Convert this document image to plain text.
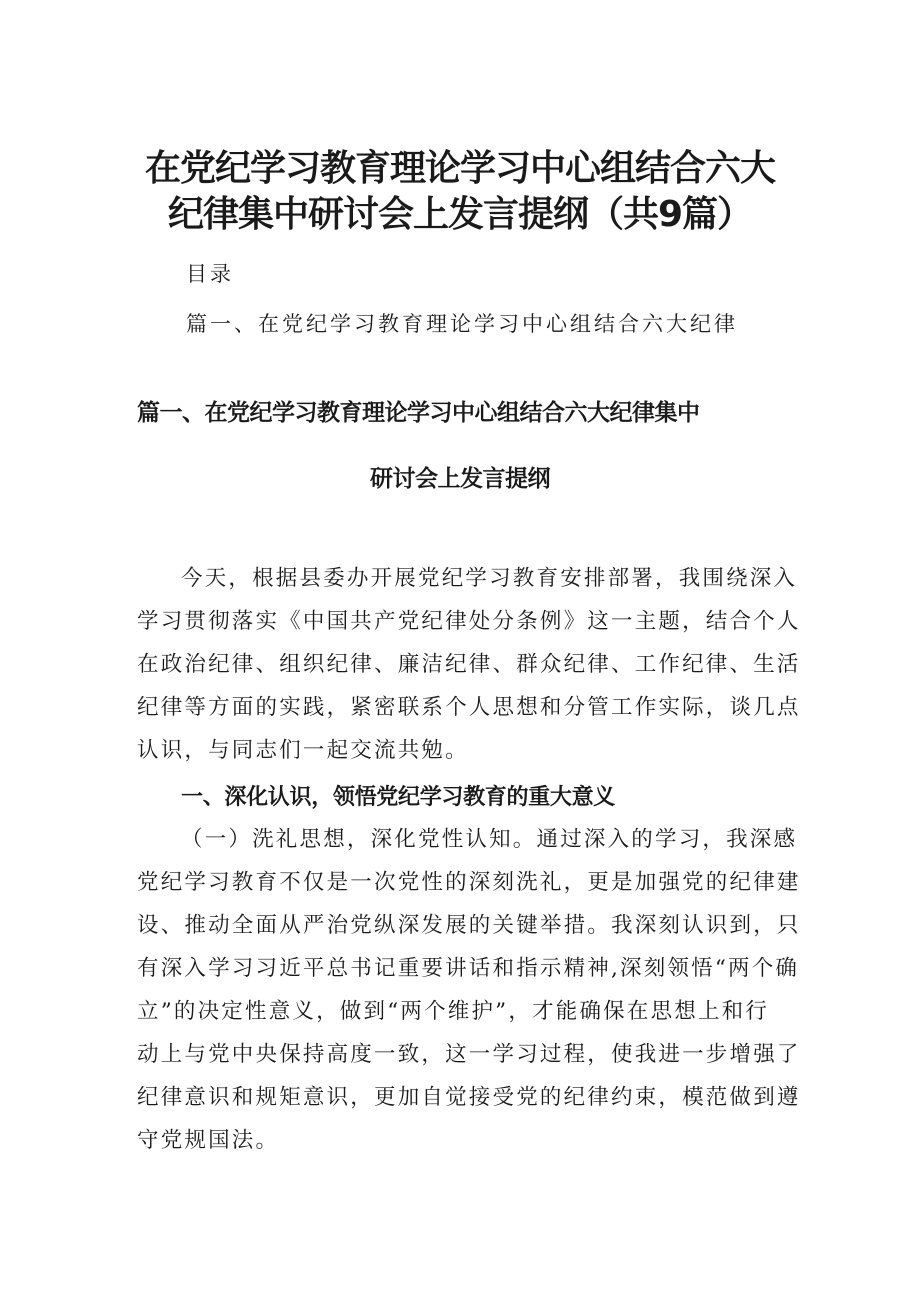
在党纪学习教育理论学习中心组结合六大
纪律集中研讨会上发言提纲（共9篇）
目录
篇一、在党纪学习教育理论学习中心组结合六大纪律
篇一、在党纪学习教育理论学习中心组结合六大纪律集中
研讨会上发言提纲
今天，根据县委办开展党纪学习教育安排部署，我围绕深入
学习贯彻落实《中国共产党纪律处分条例》这一主题，结合个人
在政治纪律、组织纪律、廉洁纪律、群众纪律、工作纪律、生活
纪律等方面的实践，紧密联系个人思想和分管工作实际，谈几点
认识，与同志们一起交流共勉。
一、深化认识，领悟党纪学习教育的重大意义
（一）洗礼思想，深化党性认知。通过深入的学习，我深感
党纪学习教育不仅是一次党性的深刻洗礼，更是加强党的纪律建
设、推动全面从严治党纵深发展的关键举措。我深刻认识到，只
有深入学习习近平总书记重要讲话和指示精神,深刻领悟“两个确
立”的决定性意义，做到“两个维护”，才能确保在思想上和行
动上与党中央保持高度一致，这一学习过程，使我进一步增强了
纪律意识和规矩意识，更加自觉接受党的纪律约束，模范做到遵
守党规国法。
